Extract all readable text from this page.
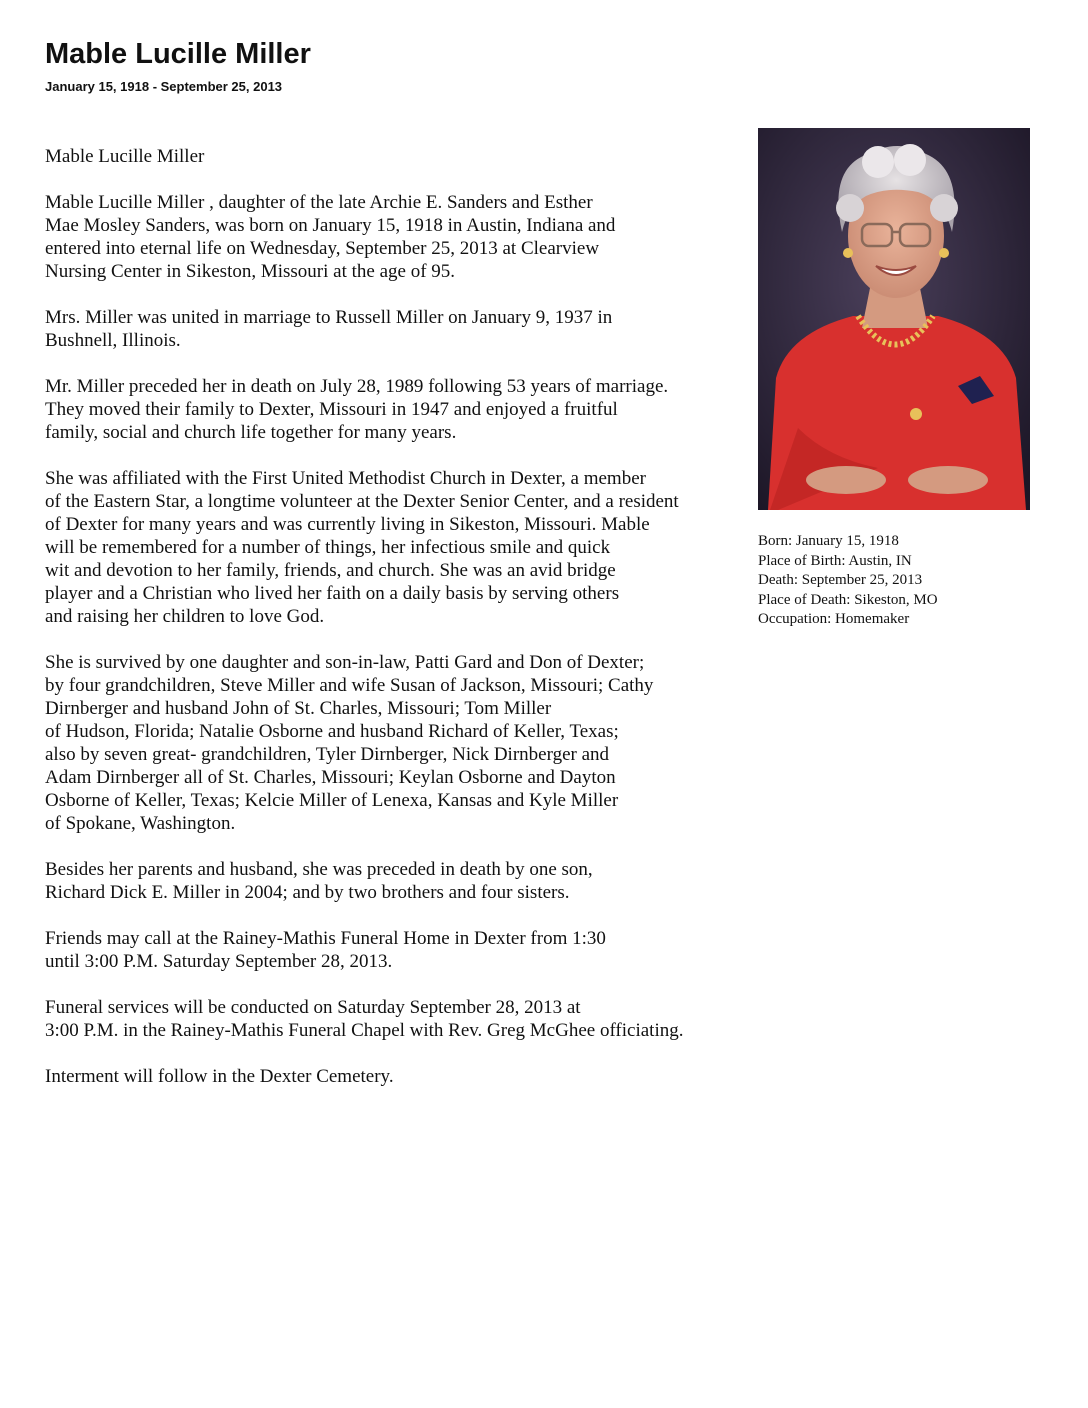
Mable Lucille Miller
January 15, 1918 - September 25, 2013

Mable Lucille Miller

Mable Lucille Miller , daughter of the late Archie E. Sanders and Esther
Mae Mosley Sanders, was born on January 15, 1918 in Austin, Indiana and
entered into eternal life on Wednesday, September 25, 2013 at Clearview
Nursing Center in Sikeston, Missouri at the age of 95.

Mrs. Miller was united in marriage to Russell Miller on January 9, 1937 in
Bushnell, Illinois.

Mr. Miller preceded her in death on July 28, 1989 following 53 years of marriage.
They moved their family to Dexter, Missouri in 1947 and enjoyed a fruitful
family, social and church life together for many years.

She was affiliated with the First United Methodist Church in Dexter, a member
of the Eastern Star, a longtime volunteer at the Dexter Senior Center, and a resident
of Dexter for many years and was currently living in Sikeston, Missouri. Mable
will be remembered for a number of things, her infectious smile and quick
wit and devotion to her family, friends, and church. She was an avid bridge
player and a Christian who lived her faith on a daily basis by serving others
and raising her children to love God.

She is survived by one daughter and son-in-law, Patti Gard and Don of Dexter;
by four grandchildren, Steve Miller and wife Susan of Jackson, Missouri; Cathy
Dirnberger and husband John of St. Charles, Missouri; Tom Miller
of Hudson, Florida; Natalie Osborne and husband Richard of Keller, Texas;
also by seven great- grandchildren, Tyler Dirnberger, Nick Dirnberger and
Adam Dirnberger all of St. Charles, Missouri; Keylan Osborne and Dayton
Osborne of Keller, Texas; Kelcie Miller of Lenexa, Kansas and Kyle Miller
of Spokane, Washington.

Besides her parents and husband, she was preceded in death by one son,
Richard Dick E. Miller in 2004; and by two brothers and four sisters.

Friends may call at the Rainey-Mathis Funeral Home in Dexter from 1:30
until 3:00 P.M. Saturday September 28, 2013.

Funeral services will be conducted on Saturday September 28, 2013 at
3:00 P.M. in the Rainey-Mathis Funeral Chapel with Rev. Greg McGhee officiating.

Interment will follow in the Dexter Cemetery.

Born: January 15, 1918
Place of Birth: Austin, IN
Death: September 25, 2013
Place of Death: Sikeston, MO
Occupation: Homemaker
